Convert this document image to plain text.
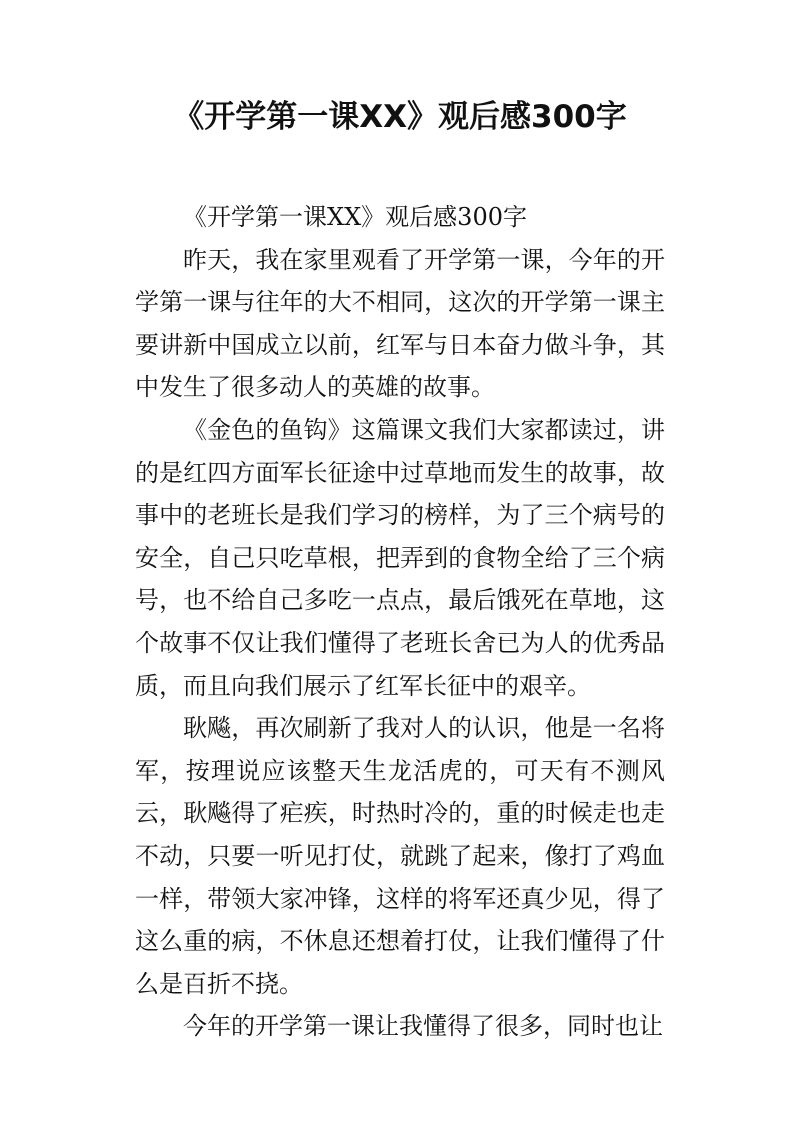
《开学第一课XX》观后感300字

《开学第一课XX》观后感300字

昨天，我在家里观看了开学第一课，今年的开学第一课与往年的大不相同，这次的开学第一课主要讲新中国成立以前，红军与日本奋力做斗争，其中发生了很多动人的英雄的故事。

《金色的鱼钩》这篇课文我们大家都读过，讲的是红四方面军长征途中过草地而发生的故事，故事中的老班长是我们学习的榜样，为了三个病号的安全，自己只吃草根，把弄到的食物全给了三个病号，也不给自己多吃一点点，最后饿死在草地，这个故事不仅让我们懂得了老班长舍已为人的优秀品质，而且向我们展示了红军长征中的艰辛。

耿飚，再次刷新了我对人的认识，他是一名将军，按理说应该整天生龙活虎的，可天有不测风云，耿飚得了疟疾，时热时冷的，重的时候走也走不动，只要一听见打仗，就跳了起来，像打了鸡血一样，带领大家冲锋，这样的将军还真少见，得了这么重的病，不休息还想着打仗，让我们懂得了什么是百折不挠。

今年的开学第一课让我懂得了很多，同时也让
